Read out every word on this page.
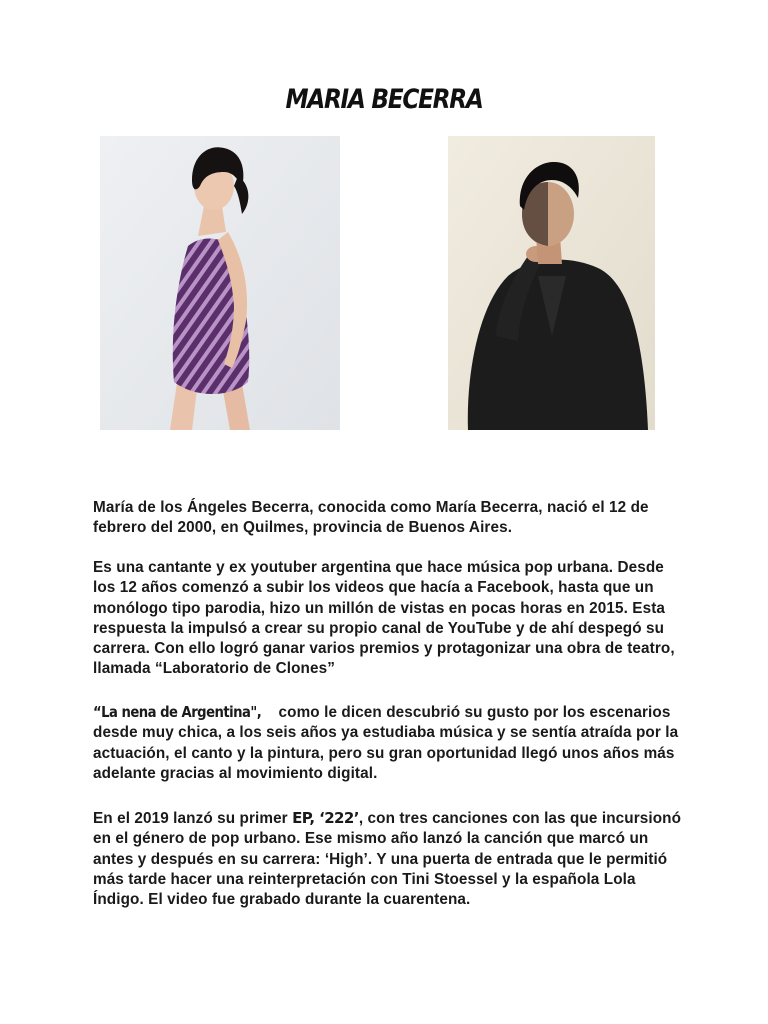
MARIA BECERRA
María de los Ángeles Becerra, conocida como María Becerra, nació el 12 de febrero del 2000, en Quilmes, provincia de Buenos Aires.
Es una cantante y ex youtuber argentina que hace música pop urbana. Desde los 12 años comenzó a subir los videos que hacía a Facebook, hasta que un monólogo tipo parodia, hizo un millón de vistas en pocas horas en 2015. Esta respuesta la impulsó a crear su propio canal de YouTube y de ahí despegó su carrera. Con ello logró ganar varios premios y protagonizar una obra de teatro, llamada “Laboratorio de Clones”
“La nena de Argentina", como le dicen descubrió su gusto por los escenarios desde muy chica, a los seis años ya estudiaba música y se sentía atraída por la actuación, el canto y la pintura, pero su gran oportunidad llegó unos años más adelante gracias al movimiento digital.
En el 2019 lanzó su primer EP, ‘222’, con tres canciones con las que incursionó en el género de pop urbano. Ese mismo año lanzó la canción que marcó un antes y después en su carrera: ‘High’. Y una puerta de entrada que le permitió más tarde hacer una reinterpretación con Tini Stoessel y la española Lola Índigo. El video fue grabado durante la cuarentena.
